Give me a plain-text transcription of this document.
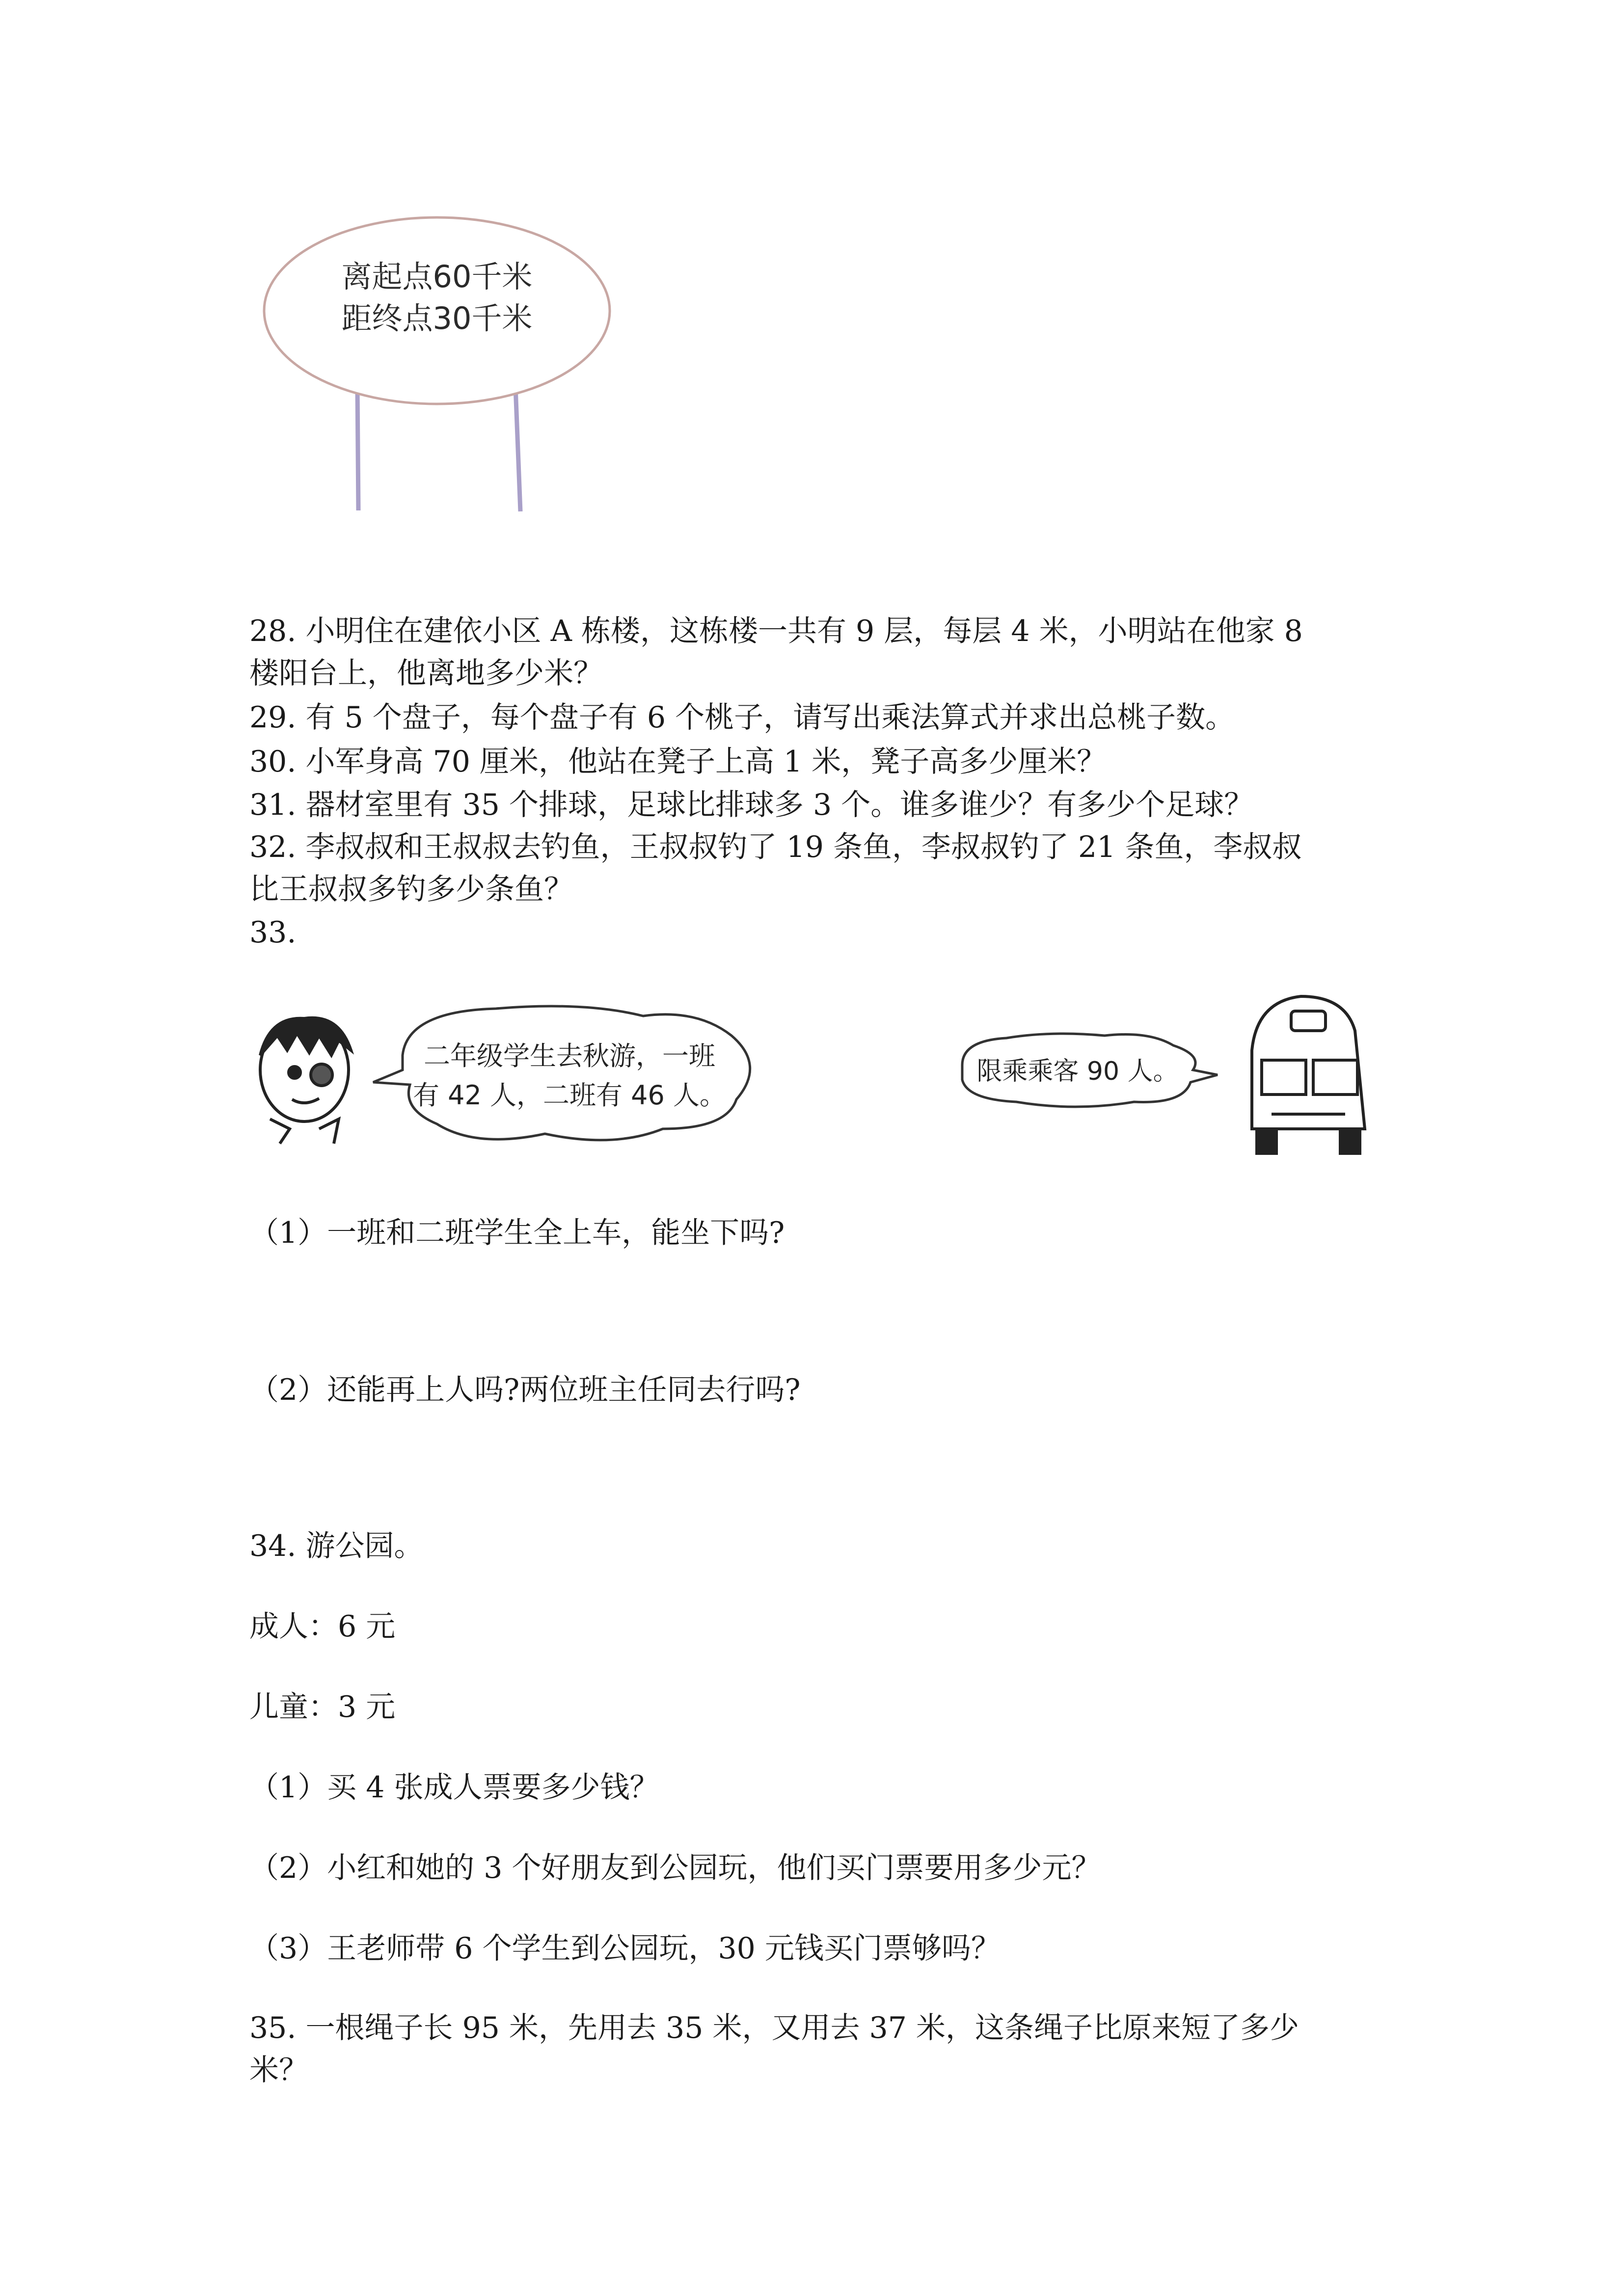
离起点60千米
距终点30千米
28. 小明住在建依小区 A 栋楼，这栋楼一共有 9 层，每层 4 米，小明站在他家 8
楼阳台上，他离地多少米？
29. 有 5 个盘子，每个盘子有 6 个桃子，请写出乘法算式并求出总桃子数。
30. 小军身高 70 厘米，他站在凳子上高 1 米，凳子高多少厘米？
31. 器材室里有 35 个排球，足球比排球多 3 个。谁多谁少？有多少个足球？
32. 李叔叔和王叔叔去钓鱼，王叔叔钓了 19 条鱼，李叔叔钓了 21 条鱼，李叔叔
比王叔叔多钓多少条鱼？
33.
二年级学生去秋游，一班
有 42 人，二班有 46 人。
限乘乘客 90 人。
（1）一班和二班学生全上车，能坐下吗?
（2）还能再上人吗?两位班主任同去行吗?
34. 游公园。
成人：6 元
儿童：3 元
（1）买 4 张成人票要多少钱？
（2）小红和她的 3 个好朋友到公园玩，他们买门票要用多少元？
（3）王老师带 6 个学生到公园玩，30 元钱买门票够吗？
35. 一根绳子长 95 米，先用去 35 米，又用去 37 米，这条绳子比原来短了多少
米？
